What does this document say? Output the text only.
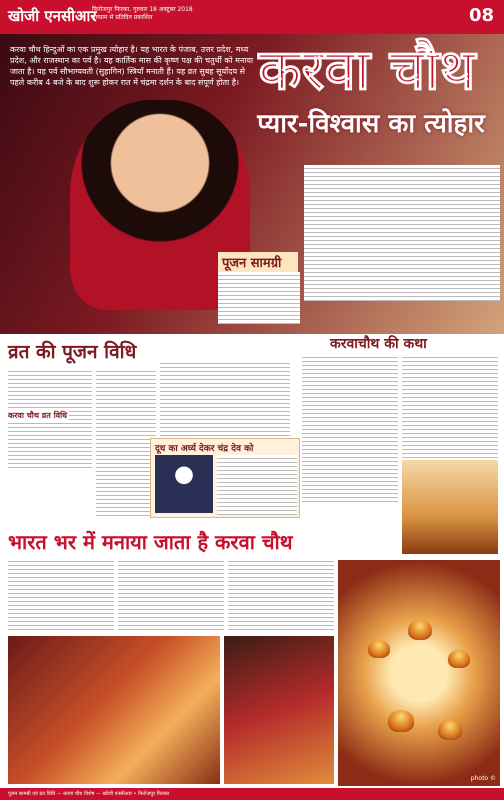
खोजी एनसीआर
फिरोजपुर फिरका, गुरुवार 18 अक्टूबर 2018
गुरुग्राम से प्रतिदिन प्रकाशित	08
करवा चौथ हिन्दुओं का एक प्रमुख त्योहार है। यह भारत के पंजाब, उत्तर प्रदेश, मध्य प्रदेश, और राजस्थान का पर्व है। यह कार्तिक मास की कृष्ण पक्ष की चतुर्थी को मनाया जाता है। यह पर्व सौभाग्यवती (सुहागिन) स्त्रियाँ मनाती हैं। यह व्रत सुबह सूर्योदय से पहले करीब 4 बजे के बाद शुरू होकर रात में चंद्रमा दर्शन के बाद संपूर्ण होता है। करवा चौथ
प्यार-विश्वास का त्योहार
पूजन सामग्री
व्रत की पूजन विधि
करवा चौथ व्रत विधि
दूध का अर्घ्य देकर चंद्र देव को
करवाचौथ की कथा
भारत भर में मनाया जाता है करवा चौथ
photo ©
पूजन सामग्री एवं व्रत विधि — करवा चौथ विशेष — खोजी एनसीआर • फिरोजपुर फिरका
